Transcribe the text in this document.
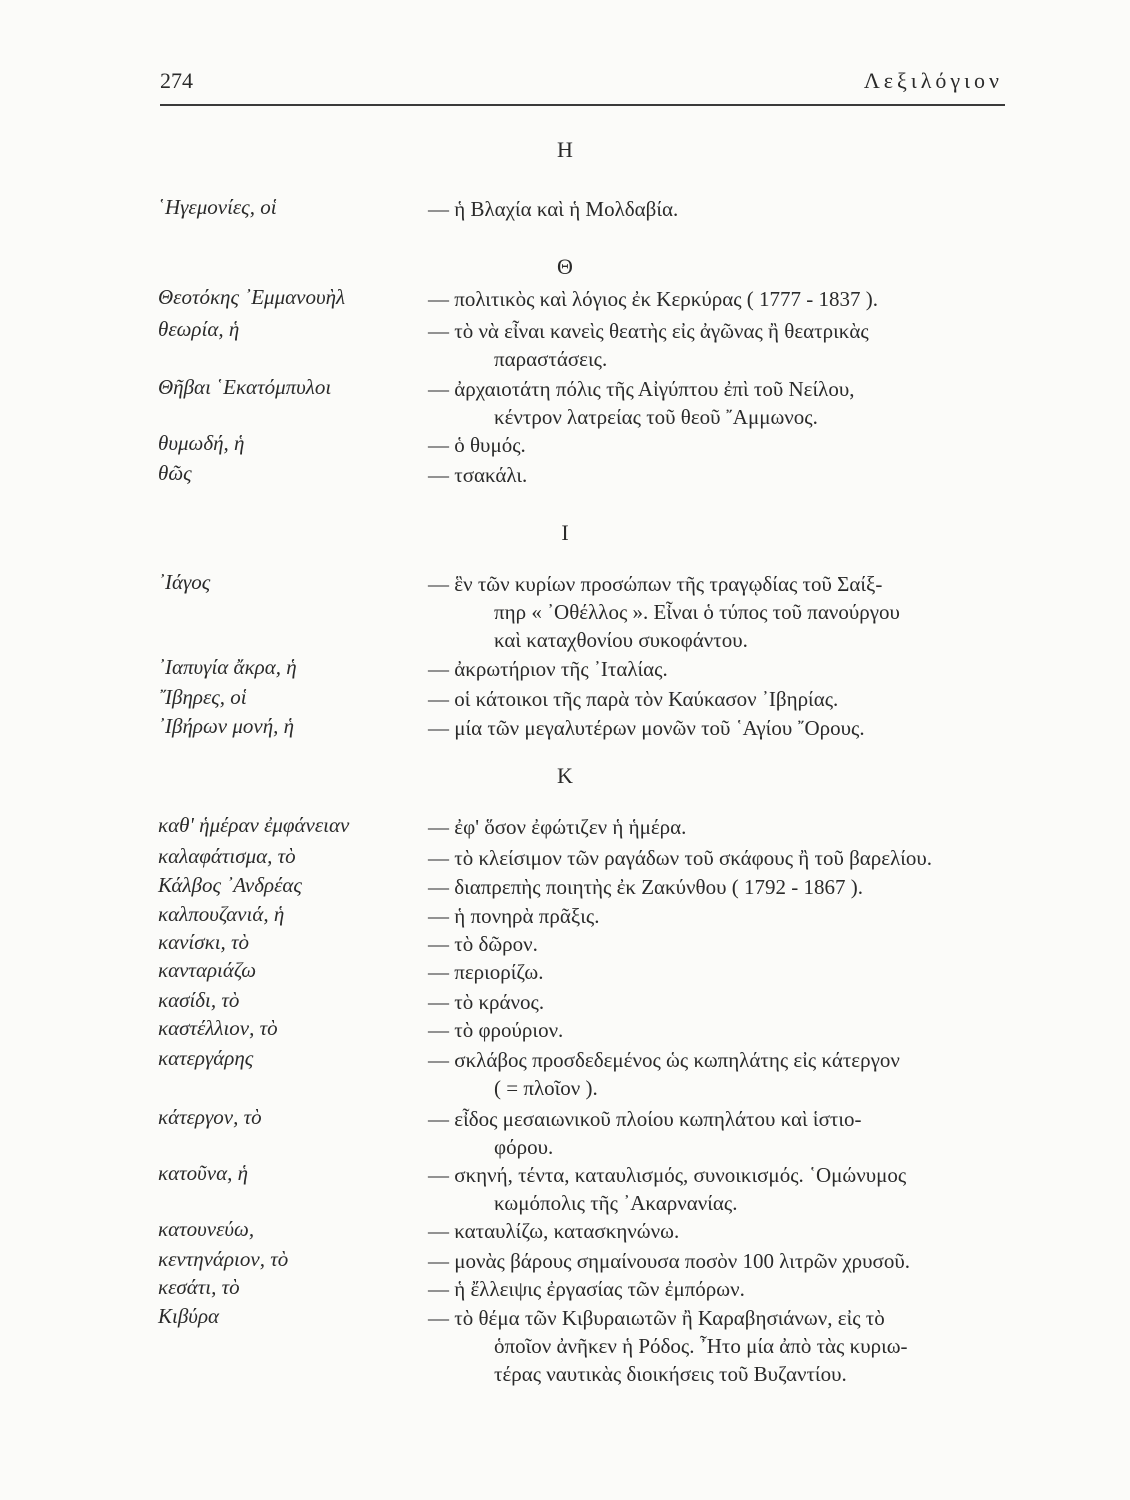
274	Λεξιλόγιον
Η
῾Ηγεμονίες, οἱ	— ἡ Βλαχία καὶ ἡ Μολδαβία.
Θ
Θεοτόκης ᾿Εμμανουὴλ	— πολιτικὸς καὶ λόγιος ἐκ Κερκύρας ( 1777 - 1837 ).
θεωρία, ἡ	— τὸ νὰ εἶναι κανεὶς θεατὴς εἰς ἀγῶνας ἢ θεατρικὰς
παραστάσεις.
Θῆβαι ῾Εκατόμπυλοι	— ἀρχαιοτάτη πόλις τῆς Αἰγύπτου ἐπὶ τοῦ Νείλου,
κέντρον λατρείας τοῦ θεοῦ ῎Αμμωνος.
θυμωδή, ἡ	— ὁ θυμός.
θῶς	— τσακάλι.
Ι
᾿Ιάγος	— ἓν τῶν κυρίων προσώπων τῆς τραγῳδίας τοῦ Σαίξ-
πηρ « ᾿Οθέλλος ». Εἶναι ὁ τύπος τοῦ πανούργου
καὶ καταχθονίου συκοφάντου.
᾿Ιαπυγία ἄκρα, ἡ	— ἀκρωτήριον τῆς ᾿Ιταλίας.
῎Ιβηρες, οἱ	— οἱ κάτοικοι τῆς παρὰ τὸν Καύκασον ᾿Ιβηρίας.
᾿Ιβήρων μονή, ἡ	— μία τῶν μεγαλυτέρων μονῶν τοῦ ῾Αγίου ῎Ορους.
Κ
καθ' ἡμέραν ἐμφάνειαν	— ἐφ' ὅσον ἐφώτιζεν ἡ ἡμέρα.
καλαφάτισμα, τὸ	— τὸ κλείσιμον τῶν ραγάδων τοῦ σκάφους ἢ τοῦ βαρελίου.
Κάλβος ᾿Ανδρέας	— διαπρεπὴς ποιητὴς ἐκ Ζακύνθου ( 1792 - 1867 ).
καλπουζανιά, ἡ	— ἡ πονηρὰ πρᾶξις.
κανίσκι, τὸ	— τὸ δῶρον.
κανταριάζω	— περιορίζω.
κασίδι, τὸ	— τὸ κράνος.
καστέλλιον, τὸ	— τὸ φρούριον.
κατεργάρης	— σκλάβος προσδεδεμένος ὡς κωπηλάτης εἰς κάτεργον
( = πλοῖον ).
κάτεργον, τὸ	— εἶδος μεσαιωνικοῦ πλοίου κωπηλάτου καὶ ἱστιο-
φόρου.
κατοῦνα, ἡ	— σκηνή, τέντα, καταυλισμός, συνοικισμός. ῾Ομώνυμος
κωμόπολις τῆς ᾿Ακαρνανίας.
κατουνεύω,	— καταυλίζω, κατασκηνώνω.
κεντηνάριον, τὸ	— μονὰς βάρους σημαίνουσα ποσὸν 100 λιτρῶν χρυσοῦ.
κεσάτι, τὸ	— ἡ ἔλλειψις ἐργασίας τῶν ἐμπόρων.
Κιβύρα	— τὸ θέμα τῶν Κιβυραιωτῶν ἢ Καραβησιάνων, εἰς τὸ
ὁποῖον ἀνῆκεν ἡ Ρόδος. ῏Ητο μία ἀπὸ τὰς κυριω-
τέρας ναυτικὰς διοικήσεις τοῦ Βυζαντίου.
